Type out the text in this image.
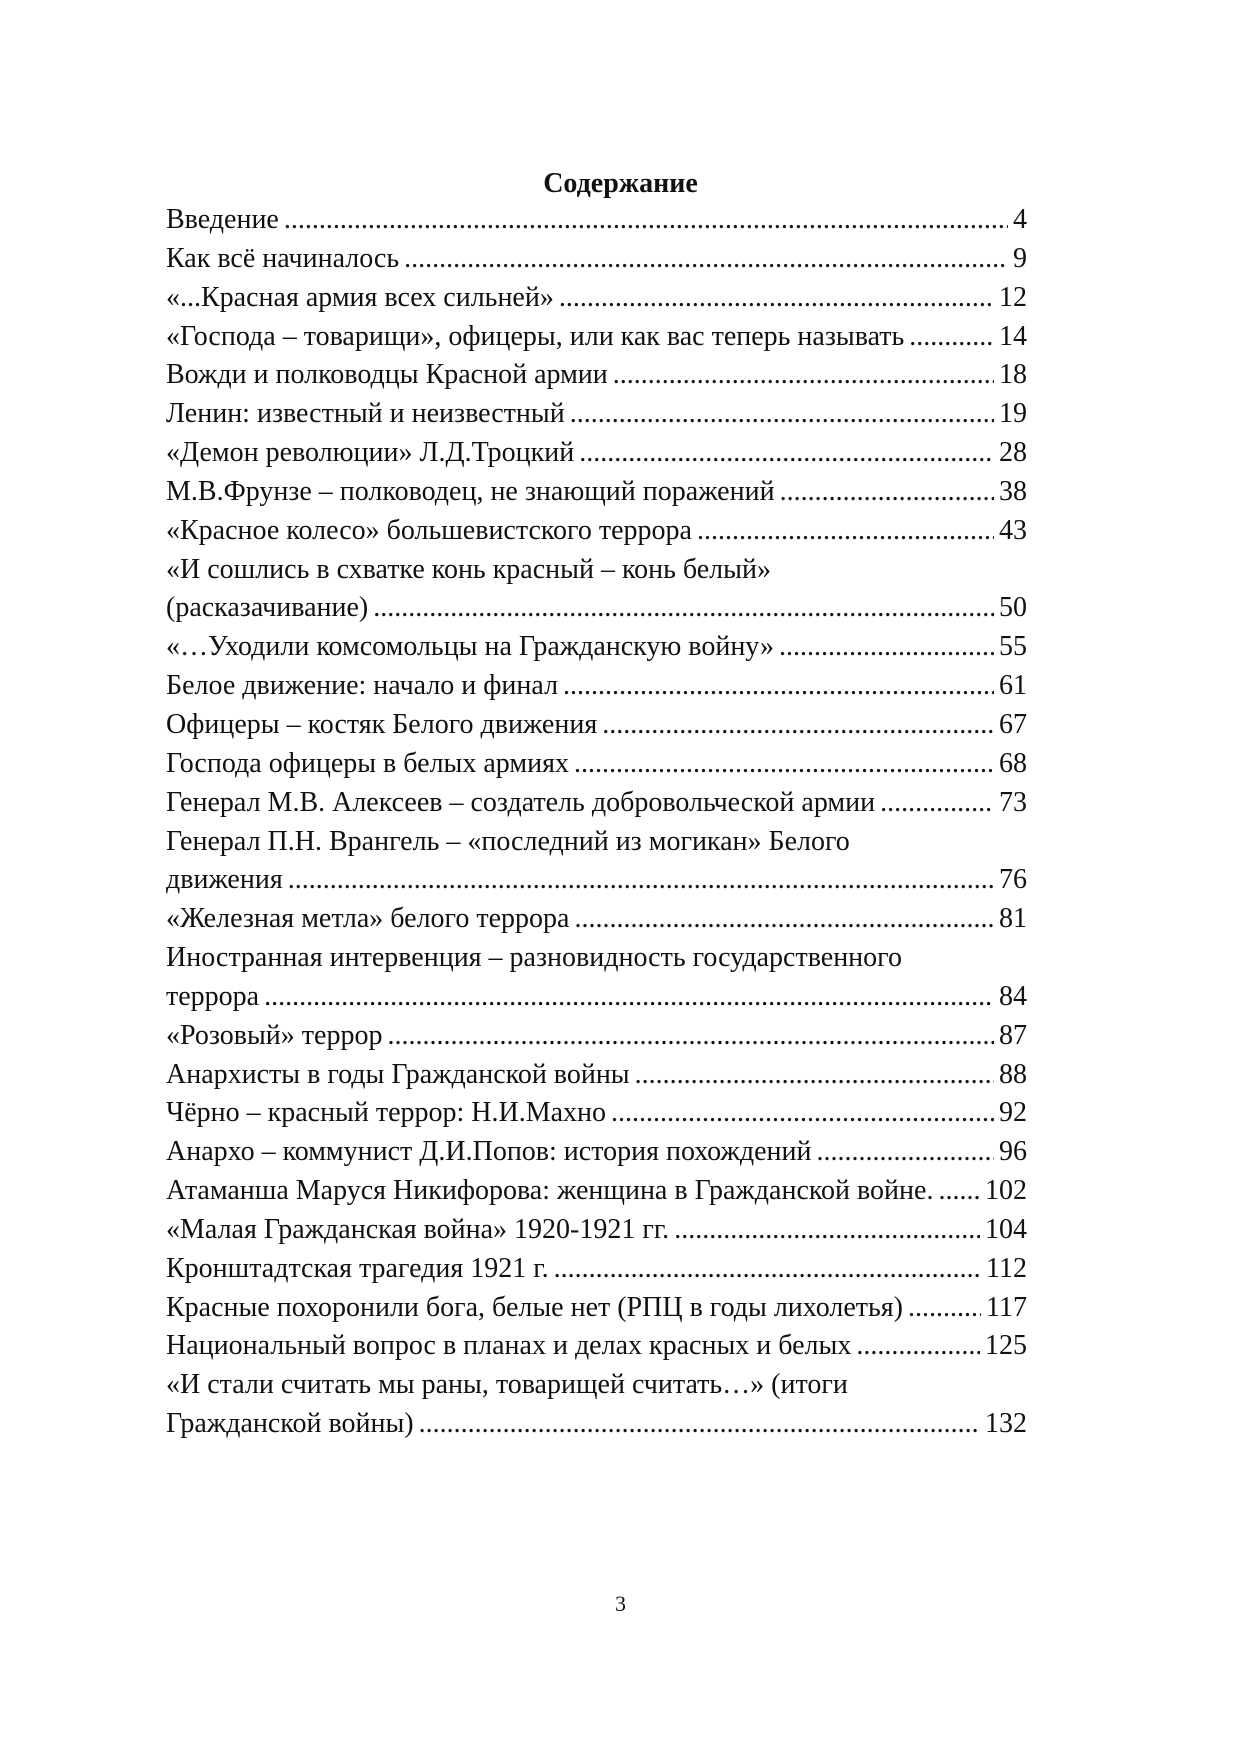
Содержание
Введение .....	4
Как всё начиналось .....	9
«...Красная армия всех сильней» .....	12
«Господа – товарищи», офицеры, или как вас теперь называть .....	14
Вожди и полководцы Красной армии .....	18
Ленин: известный и неизвестный .....	19
«Демон революции» Л.Д.Троцкий .....	28
М.В.Фрунзе – полководец, не знающий поражений .....	38
«Красное колесо» большевистского террора .....	43
«И сошлись в схватке конь красный – конь белый»
(расказачивание) .....	50
«…Уходили комсомольцы на Гражданскую войну» .....	55
Белое движение: начало и финал .....	61
Офицеры – костяк Белого движения .....	67
Господа офицеры в белых армиях .....	68
Генерал М.В. Алексеев – создатель добровольческой армии .....	73
Генерал П.Н. Врангель – «последний из могикан» Белого
движения .....	76
«Железная метла» белого террора .....	81
Иностранная интервенция – разновидность государственного
террора .....	84
«Розовый» террор .....	87
Анархисты в годы Гражданской войны .....	88
Чёрно – красный террор: Н.И.Махно .....	92
Анархо – коммунист Д.И.Попов: история похождений .....	96
Атаманша Маруся Никифорова: женщина в Гражданской войне. ..... 102
«Малая Гражданская война» 1920-1921 гг. .....	104
Кронштадтская трагедия 1921 г. .....	112
Красные похоронили бога, белые нет (РПЦ в годы лихолетья) .....	117
Национальный вопрос в планах и делах красных и белых .....	125
«И стали считать мы раны, товарищей считать…» (итоги
Гражданской войны) .....	132
3
